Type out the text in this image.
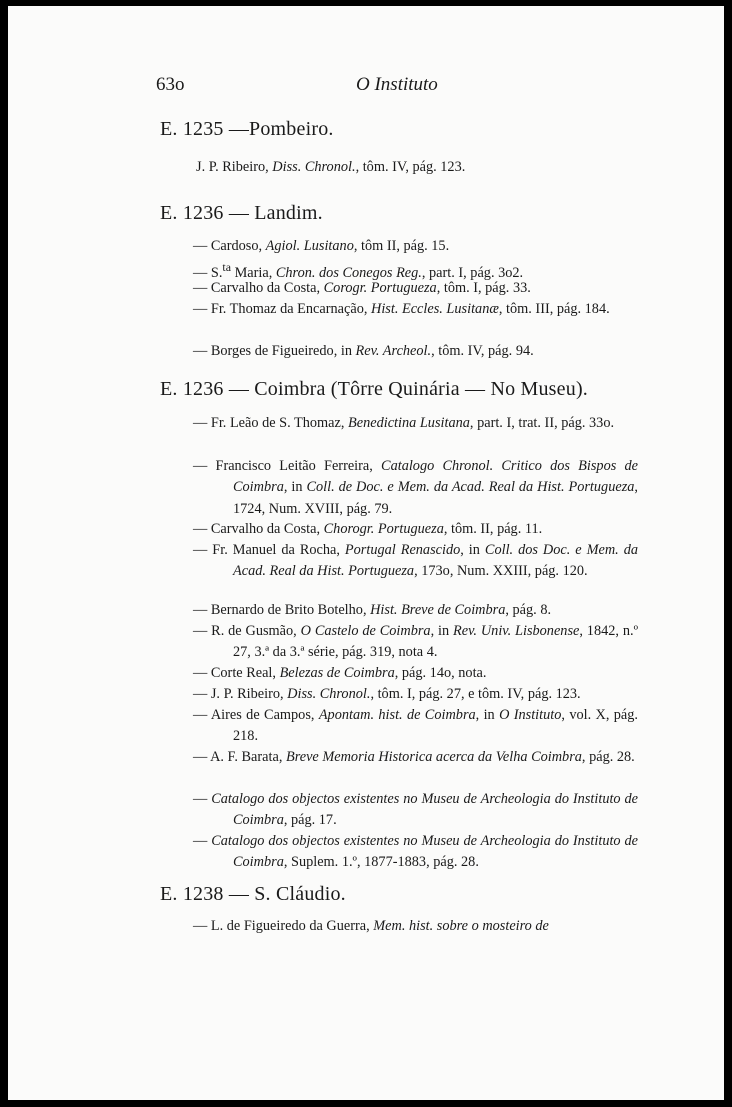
63o	O Instituto
E. 1235 —Pombeiro.
J. P. Ribeiro, Diss. Chronol., tôm. IV, pág. 123.
E. 1236 — Landim.
— Cardoso, Agiol. Lusitano, tôm II, pág. 15.
— S.$^{ta}$ Maria, Chron. dos Conegos Reg., part. I, pág. 3o2.
— Carvalho da Costa, Corogr. Portugueza, tôm. I, pág. 33.
— Fr. Thomaz da Encarnação, Hist. Eccles. Lusitanæ, tôm. III, pág. 184.
— Borges de Figueiredo, in Rev. Archeol., tôm. IV, pág. 94.
E. 1236 — Coimbra (Tôrre Quinária — No Museu).
— Fr. Leão de S. Thomaz, Benedictina Lusitana, part. I, trat. II, pág. 33o.
— Francisco Leitão Ferreira, Catalogo Chronol. Critico dos Bispos de Coimbra, in Coll. de Doc. e Mem. da Acad. Real da Hist. Portugueza, 1724, Num. XVIII, pág. 79.
— Carvalho da Costa, Chorogr. Portugueza, tôm. II, pág. 11.
— Fr. Manuel da Rocha, Portugal Renascido, in Coll. dos Doc. e Mem. da Acad. Real da Hist. Portugueza, 173o, Num. XXIII, pág. 120.
— Bernardo de Brito Botelho, Hist. Breve de Coimbra, pág. 8.
— R. de Gusmão, O Castelo de Coimbra, in Rev. Univ. Lisbonense, 1842, n.º 27, 3.ª da 3.ª série, pág. 319, nota 4.
— Corte Real, Belezas de Coimbra, pág. 14o, nota.
— J. P. Ribeiro, Diss. Chronol., tôm. I, pág. 27, e tôm. IV, pág. 123.
— Aires de Campos, Apontam. hist. de Coimbra, in O Instituto, vol. X, pág. 218.
— A. F. Barata, Breve Memoria Historica acerca da Velha Coimbra, pág. 28.
— Catalogo dos objectos existentes no Museu de Archeologia do Instituto de Coimbra, pág. 17.
— Catalogo dos objectos existentes no Museu de Archeologia do Instituto de Coimbra, Suplem. 1.º, 1877-1883, pág. 28.
E. 1238 — S. Cláudio.
— L. de Figueiredo da Guerra, Mem. hist. sobre o mosteiro de
